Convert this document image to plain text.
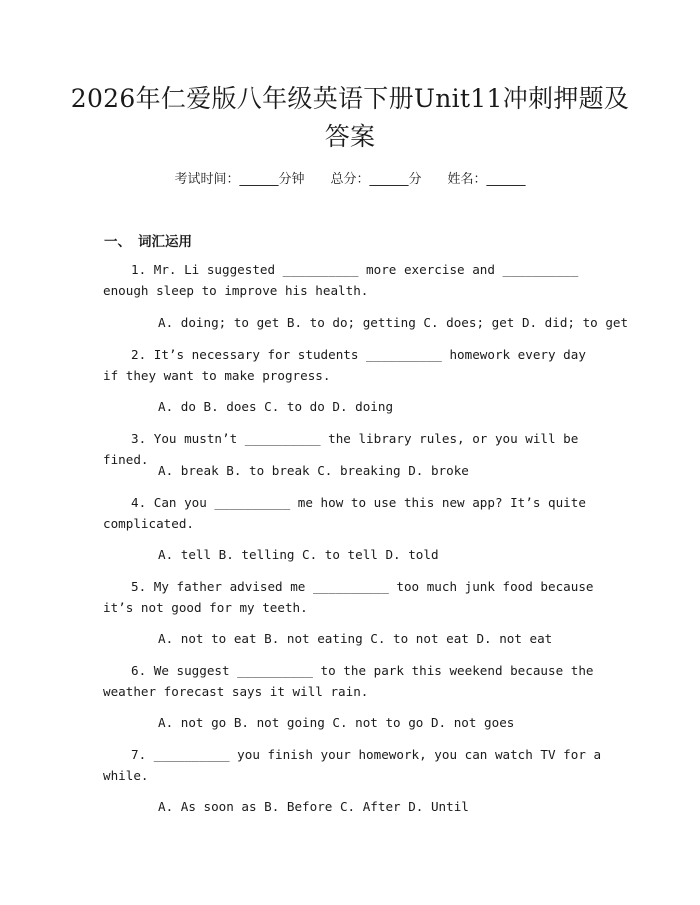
2026年仁爱版八年级英语下册Unit11冲刺押题及答案
考试时间：______分钟 总分：______分 姓名：______
一、 词汇运用
1. Mr. Li suggested __________ more exercise and __________ enough sleep to improve his health.
A. doing; to get B. to do; getting C. does; get D. did; to get
2. It’s necessary for students __________ homework every day if they want to make progress.
A. do B. does C. to do D. doing
3. You mustn’t __________ the library rules, or you will be fined.
A. break B. to break C. breaking D. broke
4. Can you __________ me how to use this new app? It’s quite complicated.
A. tell B. telling C. to tell D. told
5. My father advised me __________ too much junk food because it’s not good for my teeth.
A. not to eat B. not eating C. to not eat D. not eat
6. We suggest __________ to the park this weekend because the weather forecast says it will rain.
A. not go B. not going C. not to go D. not goes
7. __________ you finish your homework, you can watch TV for a while.
A. As soon as B. Before C. After D. Until
